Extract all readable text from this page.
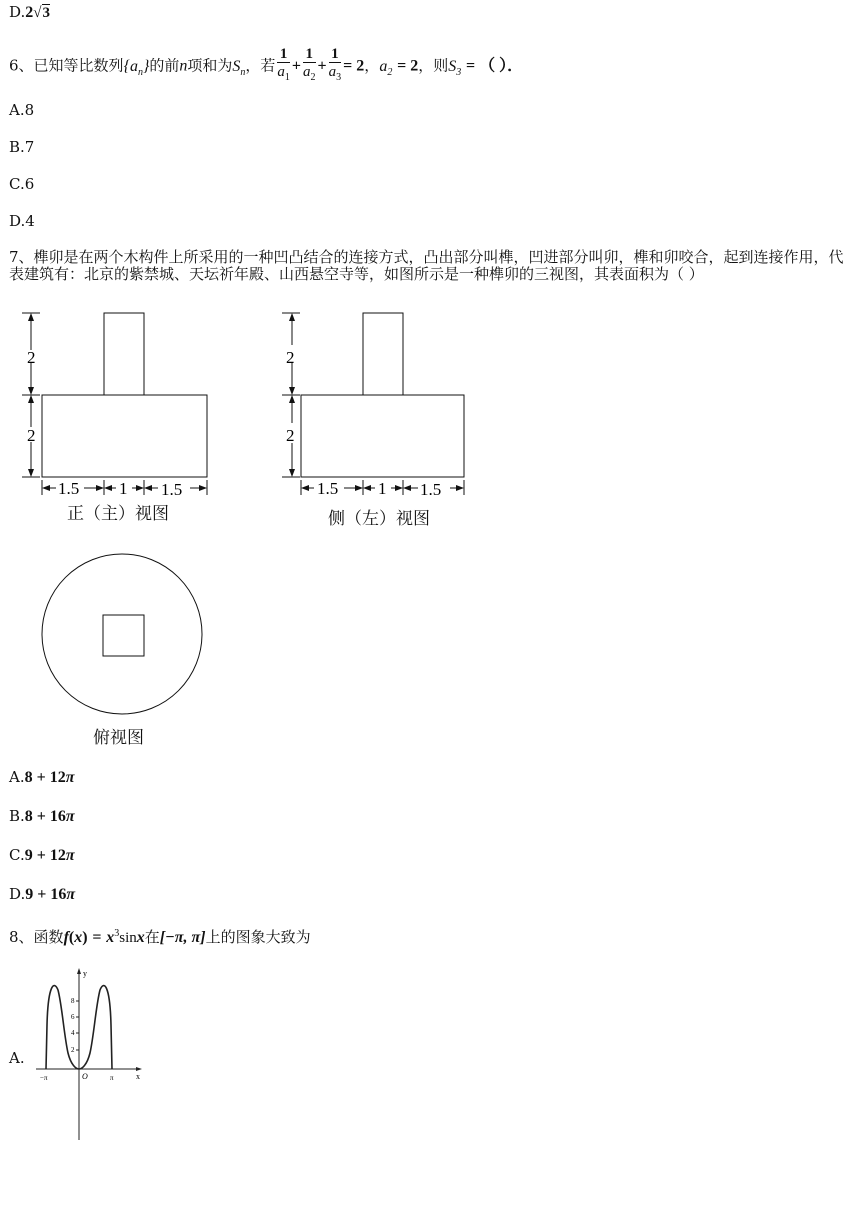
D.2√3
6、已知等比数列$\{a_n\}$的前n项和为$S_n$，若 $\frac{1}{a_1} + \frac{1}{a_2} + \frac{1}{a_3} = 2$，$a_2 = 2$，则$S_3$ = （ ）．
A.8
B.7
C.6
D.4
7、榫卯是在两个木构件上所采用的一种凹凸结合的连接方式，凸出部分叫榫，凹进部分叫卯，榫和卯咬合，起到连接作用，代表建筑有：北京的紫禁城、天坛祈年殿、山西悬空寺等，如图所示是一种榫卯的三视图，其表面积为（ ）
2
2
1.5 1 1.5
正（主）视图
2
2
1.5 1 1.5
侧（左）视图
俯视图
A.8 + 12π
B.8 + 16π
C.9 + 12π
D.9 + 16π
8、函数$f(x) = x^3\sin x$在[−π, π]上的图象大致为
A.
y
x
O
−π	π
8
6
4
2
